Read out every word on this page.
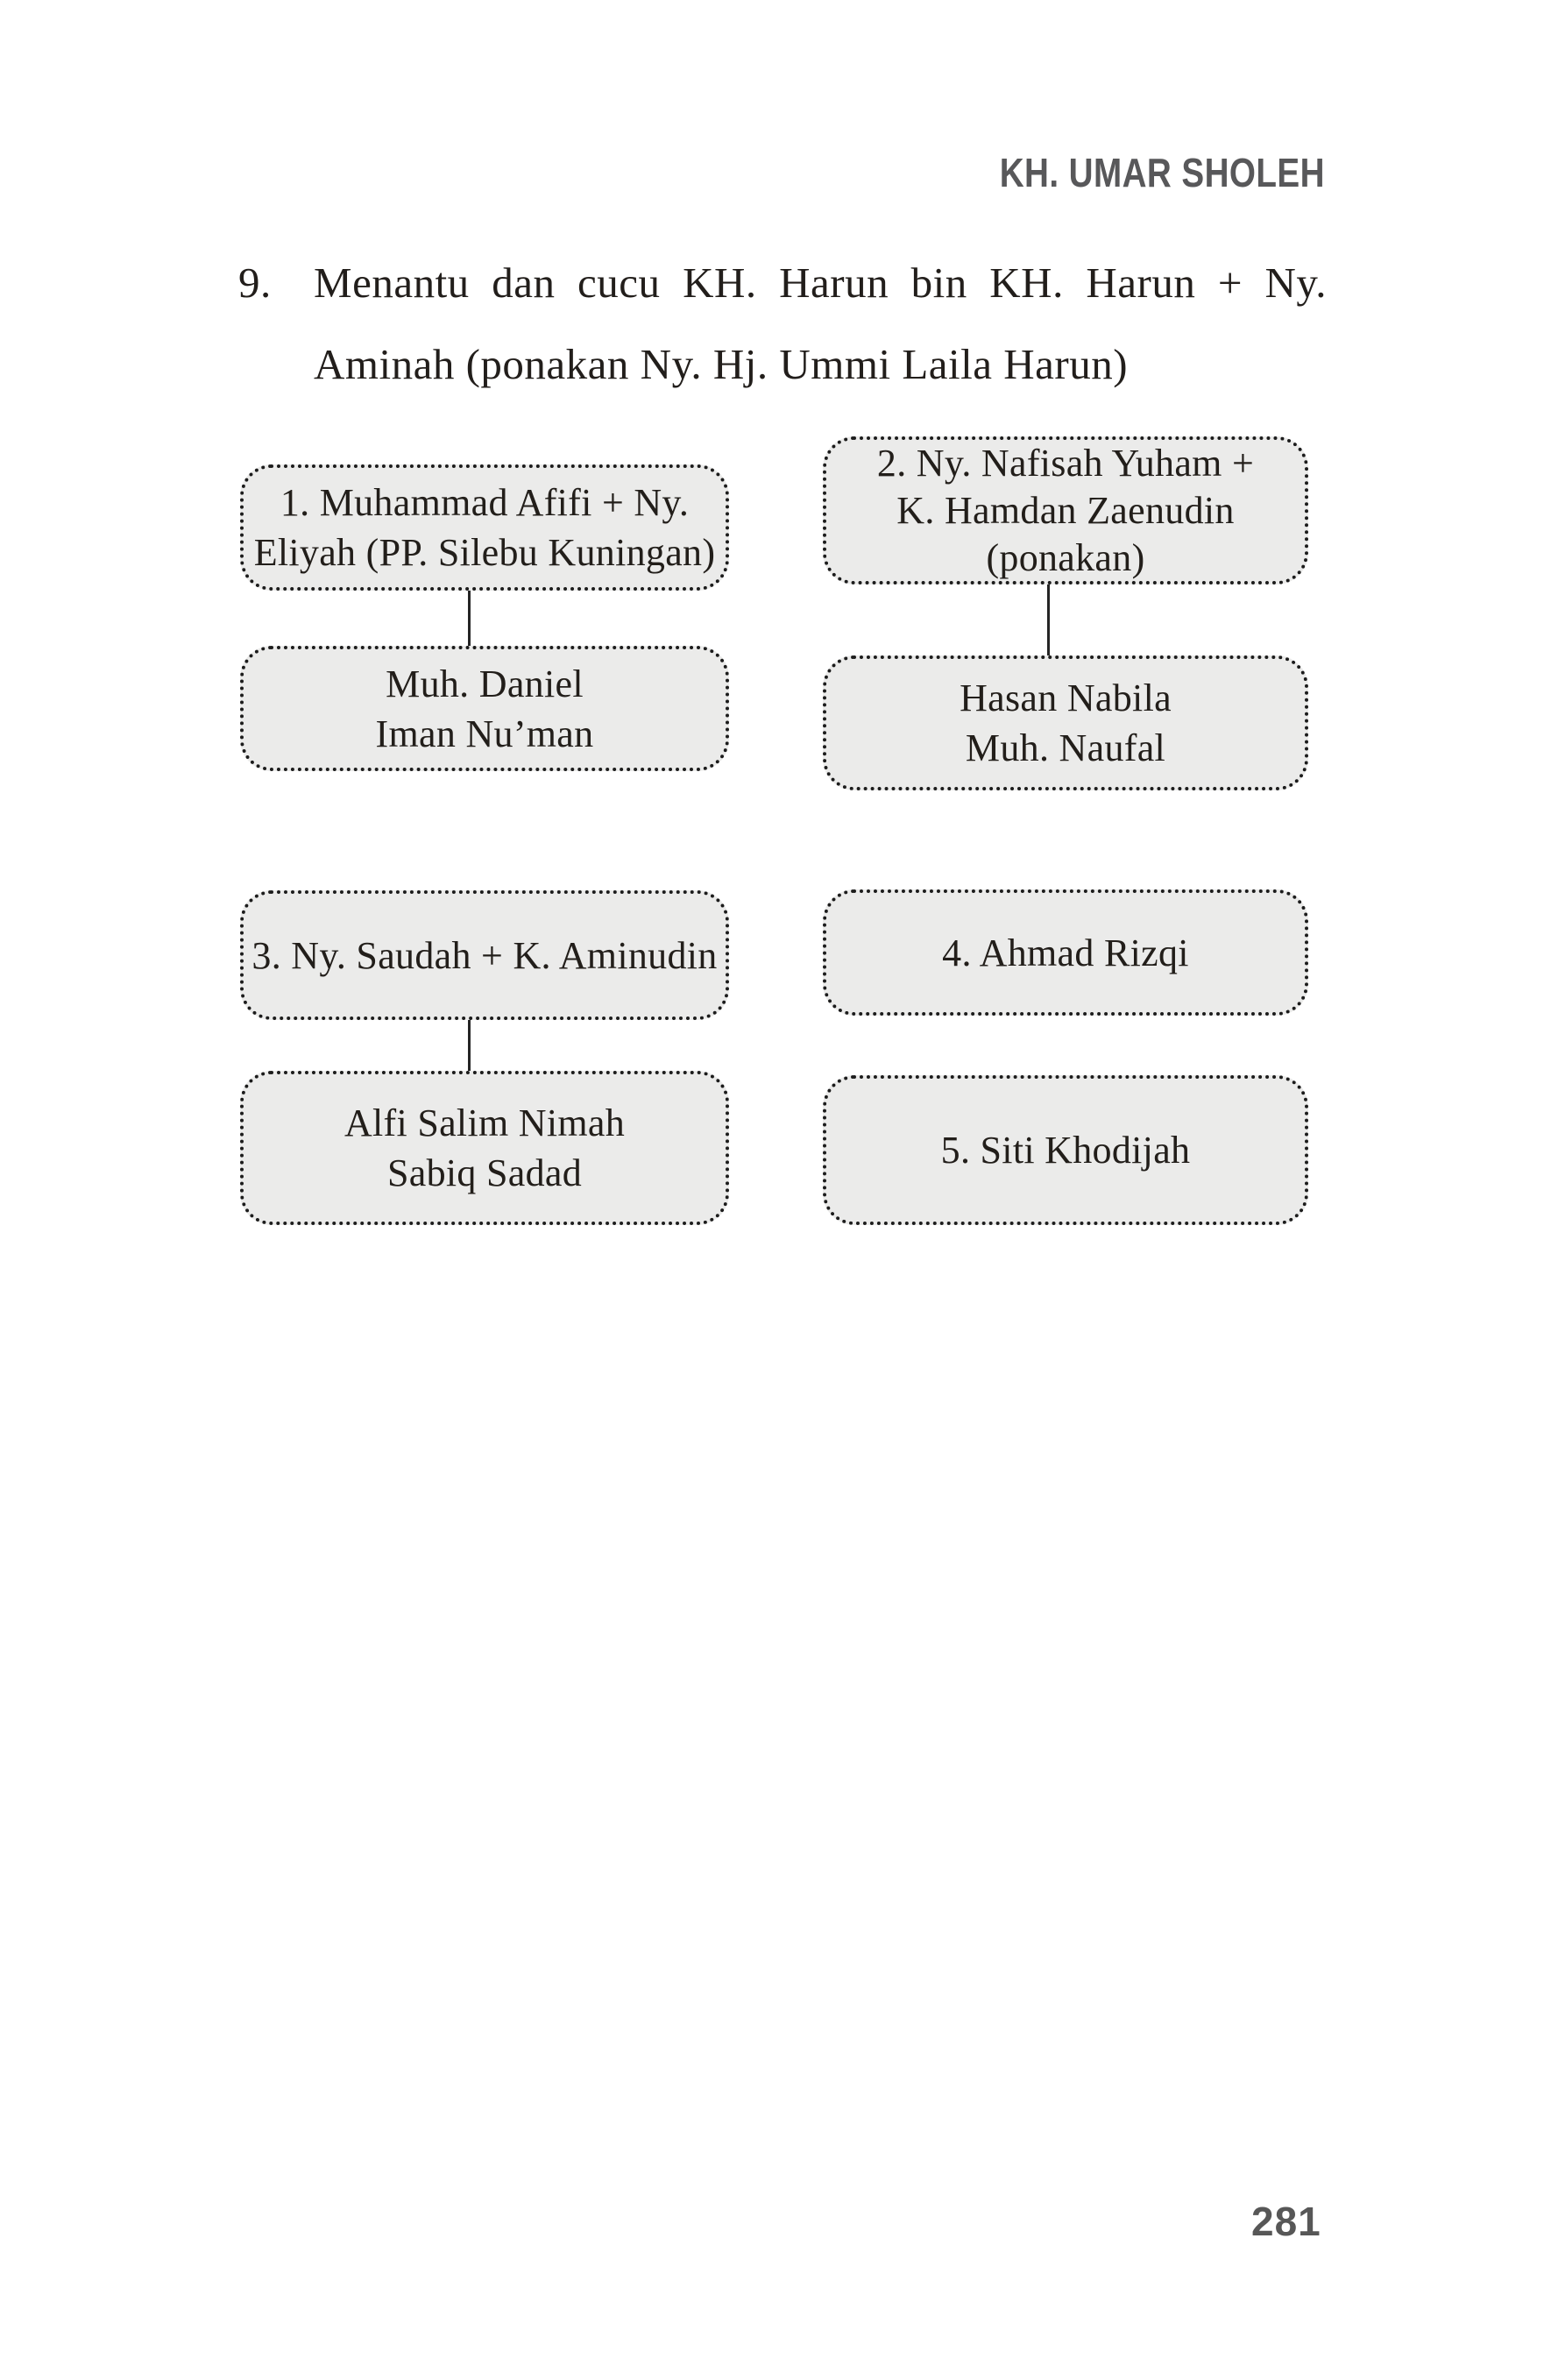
KH. UMAR SHOLEH
9. Menantu dan cucu KH. Harun bin KH. Harun + Ny.
Aminah (ponakan Ny. Hj. Ummi Laila Harun)
1. Muhammad Afifi + Ny.
Eliyah (PP. Silebu Kuningan)
2. Ny. Nafisah Yuham +
K. Hamdan Zaenudin
(ponakan)
Muh. Daniel
Iman Nu’man
Hasan Nabila
Muh. Naufal
3. Ny. Saudah + K. Aminudin	4. Ahmad Rizqi
Alfi Salim Nimah
Sabiq Sadad
5. Siti Khodijah
281
